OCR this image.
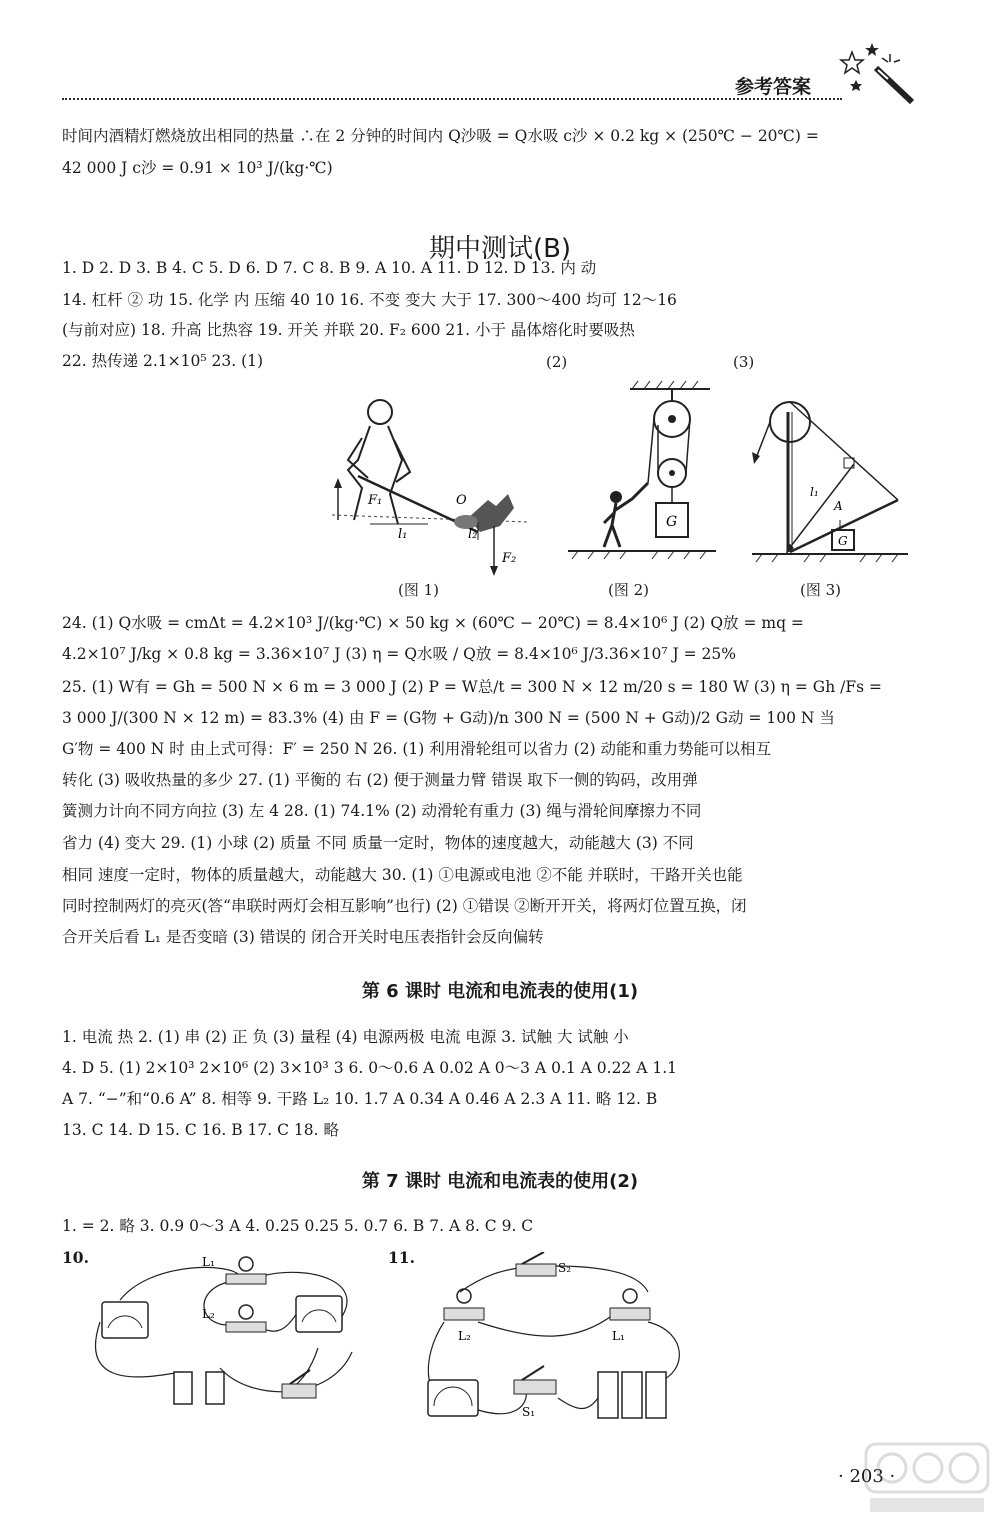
参考答案
时间内酒精灯燃烧放出相同的热量 ∴在 2 分钟的时间内 Q沙吸 = Q水吸 c沙 × 0.2 kg × (250℃ − 20℃) =
42 000 J c沙 = 0.91 × 10³ J/(kg·℃)
期中测试(B)
1. D 2. D 3. B 4. C 5. D 6. D 7. C 8. B 9. A 10. A 11. D 12. D 13. 内 动
14. 杠杆 ② 功 15. 化学 内 压缩 40 10 16. 不变 变大 大于 17. 300～400 均可 12～16
(与前对应) 18. 升高 比热容 19. 开关 并联 20. F₂ 600 21. 小于 晶体熔化时要吸热
22. 热传递 2.1×10⁵ 23. (1)	(2)	(3)
F₁	O
l₁	l₂
F₂
(图 1)
G
(图 2)
G
l₁
A
(图 3)
24. (1) Q水吸 = cmΔt = 4.2×10³ J/(kg·℃) × 50 kg × (60℃ − 20℃) = 8.4×10⁶ J (2) Q放 = mq =
4.2×10⁷ J/kg × 0.8 kg = 3.36×10⁷ J (3) η = Q水吸 / Q放 = 8.4×10⁶ J/3.36×10⁷ J = 25%
25. (1) W有 = Gh = 500 N × 6 m = 3 000 J (2) P = W总/t = 300 N × 12 m/20 s = 180 W (3) η = Gh /Fs =
3 000 J/(300 N × 12 m) = 83.3% (4) 由 F = (G物 + G动)/n 300 N = (500 N + G动)/2 G动 = 100 N 当
G′物 = 400 N 时 由上式可得：F′ = 250 N 26. (1) 利用滑轮组可以省力 (2) 动能和重力势能可以相互
转化 (3) 吸收热量的多少 27. (1) 平衡的 右 (2) 便于测量力臂 错误 取下一侧的钩码，改用弹
簧测力计向不同方向拉 (3) 左 4 28. (1) 74.1% (2) 动滑轮有重力 (3) 绳与滑轮间摩擦力不同
省力 (4) 变大 29. (1) 小球 (2) 质量 不同 质量一定时，物体的速度越大，动能越大 (3) 不同
相同 速度一定时，物体的质量越大，动能越大 30. (1) ①电源或电池 ②不能 并联时，干路开关也能
同时控制两灯的亮灭(答“串联时两灯会相互影响”也行) (2) ①错误 ②断开开关，将两灯位置互换，闭
合开关后看 L₁ 是否变暗 (3) 错误的 闭合开关时电压表指针会反向偏转
第 6 课时 电流和电流表的使用(1)
1. 电流 热 2. (1) 串 (2) 正 负 (3) 量程 (4) 电源两极 电流 电源 3. 试触 大 试触 小
4. D 5. (1) 2×10³ 2×10⁶ (2) 3×10³ 3 6. 0～0.6 A 0.02 A 0～3 A 0.1 A 0.22 A 1.1
A 7. “−”和“0.6 A” 8. 相等 9. 干路 L₂ 10. 1.7 A 0.34 A 0.46 A 2.3 A 11. 略 12. B
13. C 14. D 15. C 16. B 17. C 18. 略
第 7 课时 电流和电流表的使用(2)
1. = 2. 略 3. 0.9 0～3 A 4. 0.25 0.25 5. 0.7 6. B 7. A 8. C 9. C
10.	11.
L₁
L₂
S₂
L₂	L₁
S₁
· 203 ·
